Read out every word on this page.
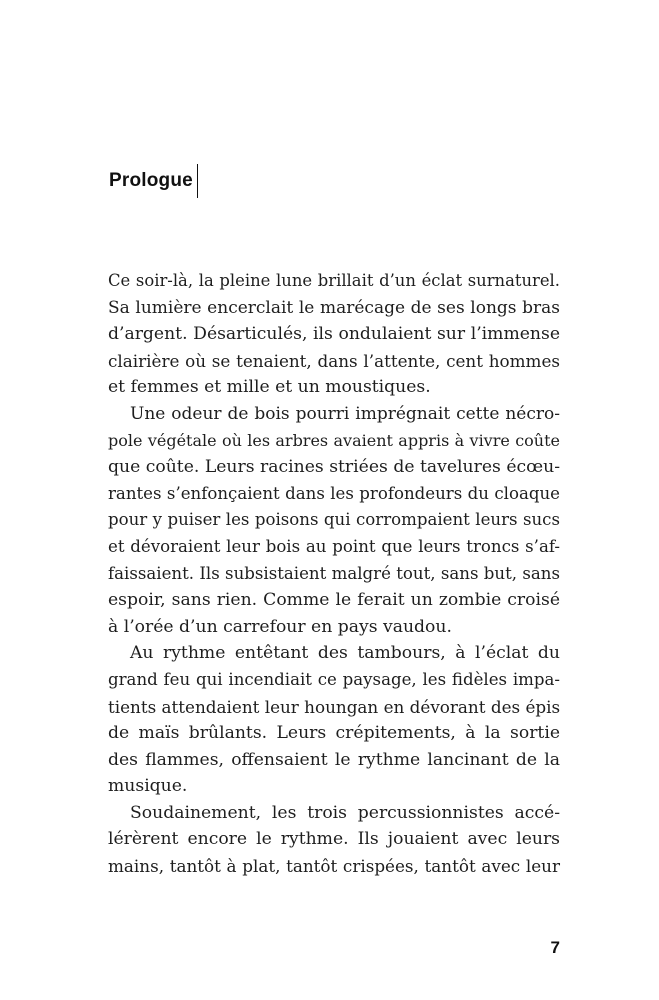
Prologue
Ce soir-là, la pleine lune brillait d’un éclat surnaturel.
Sa lumière encerclait le marécage de ses longs bras
d’argent. Désarticulés, ils ondulaient sur l’immense
clairière où se tenaient, dans l’attente, cent hommes
et femmes et mille et un moustiques.
Une odeur de bois pourri imprégnait cette nécro-
pole végétale où les arbres avaient appris à vivre coûte
que coûte. Leurs racines striées de tavelures écœu-
rantes s’enfonçaient dans les profondeurs du cloaque
pour y puiser les poisons qui corrompaient leurs sucs
et dévoraient leur bois au point que leurs troncs s’af-
faissaient. Ils subsistaient malgré tout, sans but, sans
espoir, sans rien. Comme le ferait un zombie croisé
à l’orée d’un carrefour en pays vaudou.
Au rythme entêtant des tambours, à l’éclat du
grand feu qui incendiait ce paysage, les fidèles impa-
tients attendaient leur houngan en dévorant des épis
de maïs brûlants. Leurs crépitements, à la sortie
des flammes, offensaient le rythme lancinant de la
musique.
Soudainement, les trois percussionnistes accé-
lérèrent encore le rythme. Ils jouaient avec leurs
mains, tantôt à plat, tantôt crispées, tantôt avec leur
7
